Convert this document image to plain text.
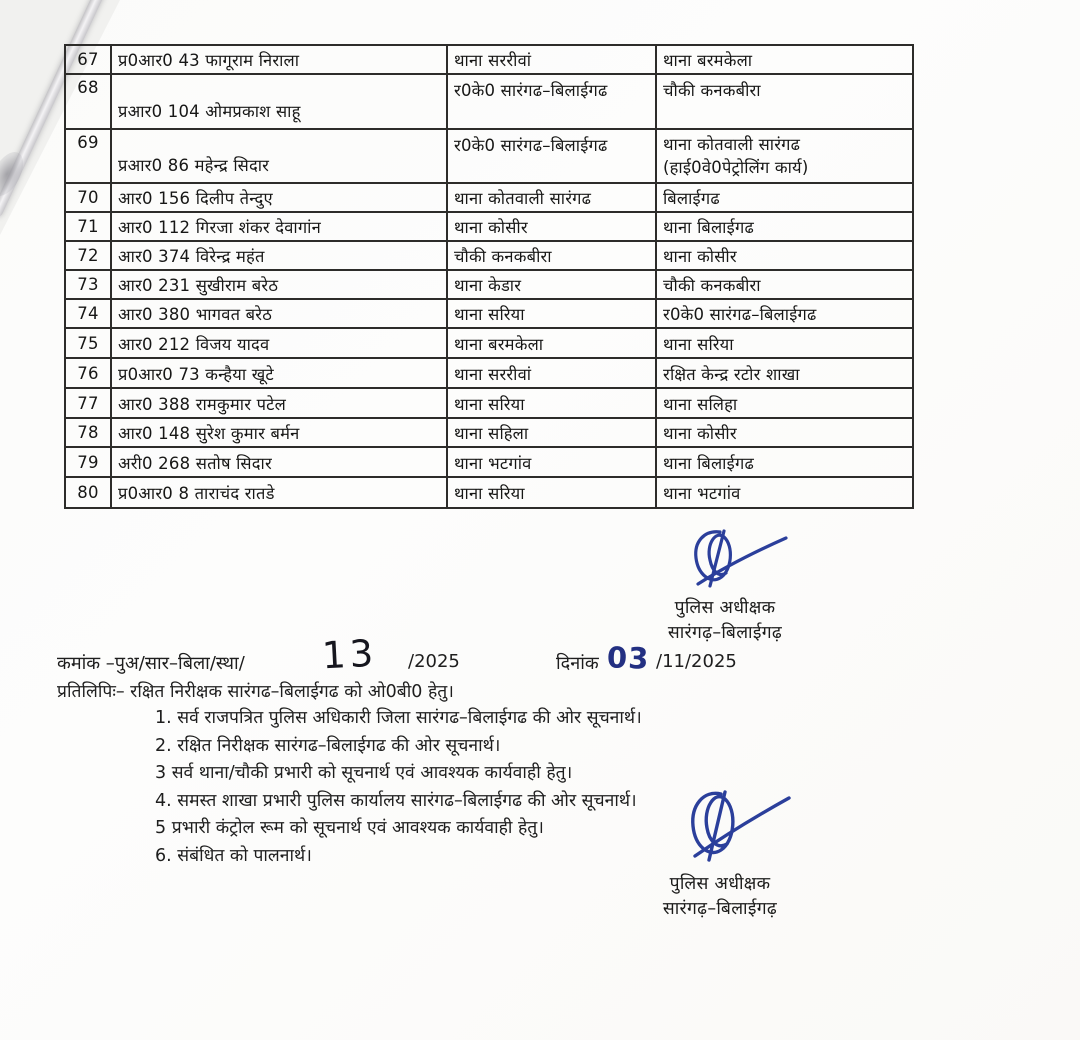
67	प्र0आर0 43 फागूराम निराला	थाना सररीवां	थाना बरमकेला
68	प्रआर0 104 ओमप्रकाश साहू	र0के0 सारंगढ–बिलाईगढ	चौकी कनकबीरा
69	प्रआर0 86 महेन्द्र सिदार	र0के0 सारंगढ–बिलाईगढ	थाना कोतवाली सारंगढ
(हाई0वे0पेट्रोलिंग कार्य)

70	आर0 156 दिलीप तेन्दुए	थाना कोतवाली सारंगढ	बिलाईगढ
71	आर0 112 गिरजा शंकर देवागांन	थाना कोसीर	थाना बिलाईगढ
72	आर0 374 विरेन्द्र महंत	चौकी कनकबीरा	थाना कोसीर
73	आर0 231 सुखीराम बरेठ	थाना केडार	चौकी कनकबीरा
74	आर0 380 भागवत बरेठ	थाना सरिया	र0के0 सारंगढ–बिलाईगढ
75	आर0 212 विजय यादव	थाना बरमकेला	थाना सरिया
76	प्र0आर0 73 कन्हैया खूटे	थाना सररीवां	रक्षित केन्द्र रटोर शाखा
77	आर0 388 रामकुमार पटेल	थाना सरिया	थाना सलिहा
78	आर0 148 सुरेश कुमार बर्मन	थाना सहिला	थाना कोसीर
79	अरी0 268 सतोष सिदार	थाना भटगांव	थाना बिलाईगढ
80	प्र0आर0 8 ताराचंद रातडे	थाना सरिया	थाना भटगांव
पुलिस अधीक्षक
सारंगढ़–बिलाईगढ़
कमांक –पुअ/सार–बिला/स्था/ 13 /2025	दिनांक 03 /11/2025
प्रतिलिपिः– रक्षित निरीक्षक सारंगढ–बिलाईगढ को ओ0बी0 हेतु।
1. सर्व राजपत्रित पुलिस अधिकारी जिला सारंगढ–बिलाईगढ की ओर सूचनार्थ।
2. रक्षित निरीक्षक सारंगढ–बिलाईगढ की ओर सूचनार्थ।
3 सर्व थाना/चौकी प्रभारी को सूचनार्थ एवं आवश्यक कार्यवाही हेतु।
4. समस्त शाखा प्रभारी पुलिस कार्यालय सारंगढ–बिलाईगढ की ओर सूचनार्थ।
5 प्रभारी कंट्रोल रूम को सूचनार्थ एवं आवश्यक कार्यवाही हेतु।
6. संबंधित को पालनार्थ।
पुलिस अधीक्षक
सारंगढ़–बिलाईगढ़
